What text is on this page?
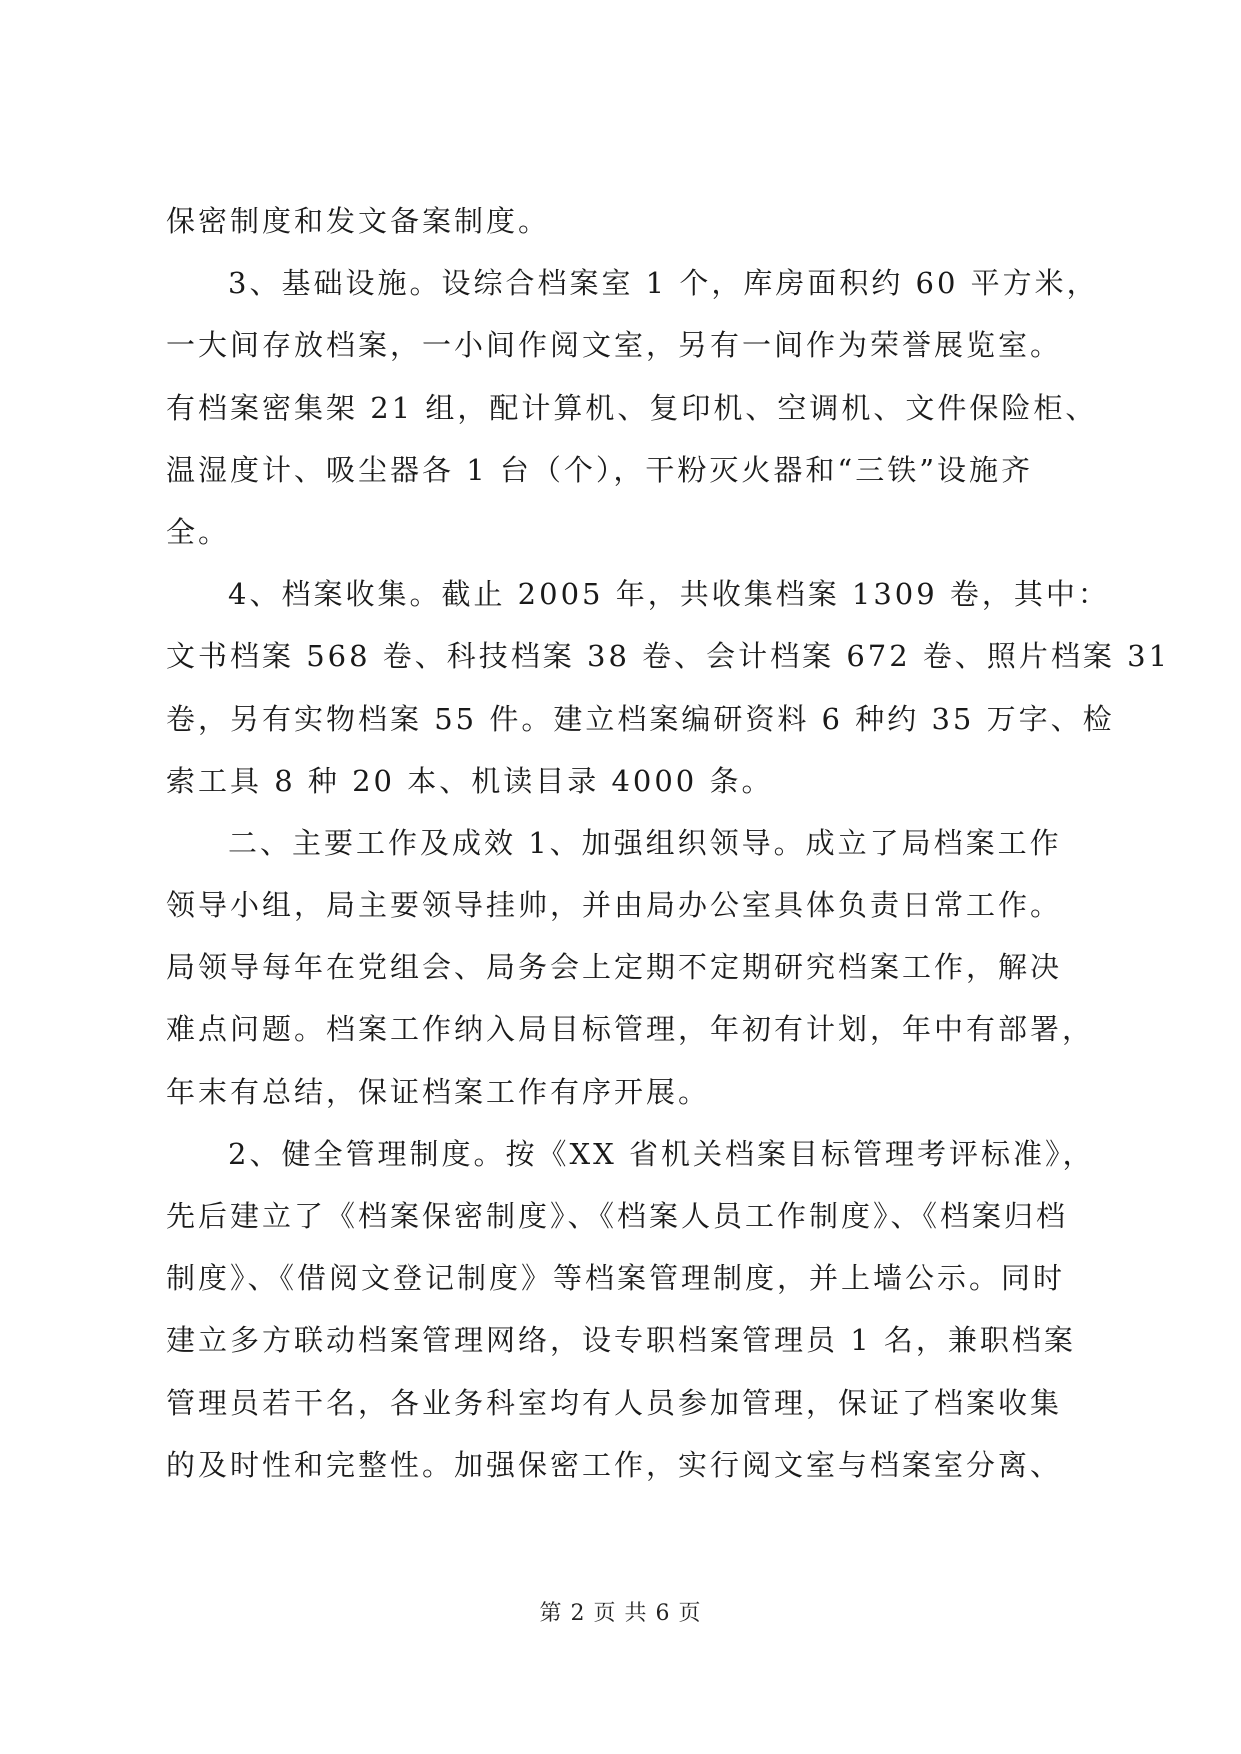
保密制度和发文备案制度。
3、基础设施。设综合档案室 1 个，库房面积约 60 平方米，
一大间存放档案，一小间作阅文室，另有一间作为荣誉展览室。
有档案密集架 21 组，配计算机、复印机、空调机、文件保险柜、
温湿度计、吸尘器各 1 台（个），干粉灭火器和“三铁”设施齐
全。
4、档案收集。截止 2005 年，共收集档案 1309 卷，其中：
文书档案 568 卷、科技档案 38 卷、会计档案 672 卷、照片档案 31
卷，另有实物档案 55 件。建立档案编研资料 6 种约 35 万字、检
索工具 8 种 20 本、机读目录 4000 条。
二、主要工作及成效 1、加强组织领导。成立了局档案工作
领导小组，局主要领导挂帅，并由局办公室具体负责日常工作。
局领导每年在党组会、局务会上定期不定期研究档案工作，解决
难点问题。档案工作纳入局目标管理，年初有计划，年中有部署，
年末有总结，保证档案工作有序开展。
2、健全管理制度。按《XX 省机关档案目标管理考评标准》，
先后建立了《档案保密制度》、《档案人员工作制度》、《档案归档
制度》、《借阅文登记制度》等档案管理制度，并上墙公示。同时
建立多方联动档案管理网络，设专职档案管理员 1 名，兼职档案
管理员若干名，各业务科室均有人员参加管理，保证了档案收集
的及时性和完整性。加强保密工作，实行阅文室与档案室分离、
第 2 页 共 6 页
